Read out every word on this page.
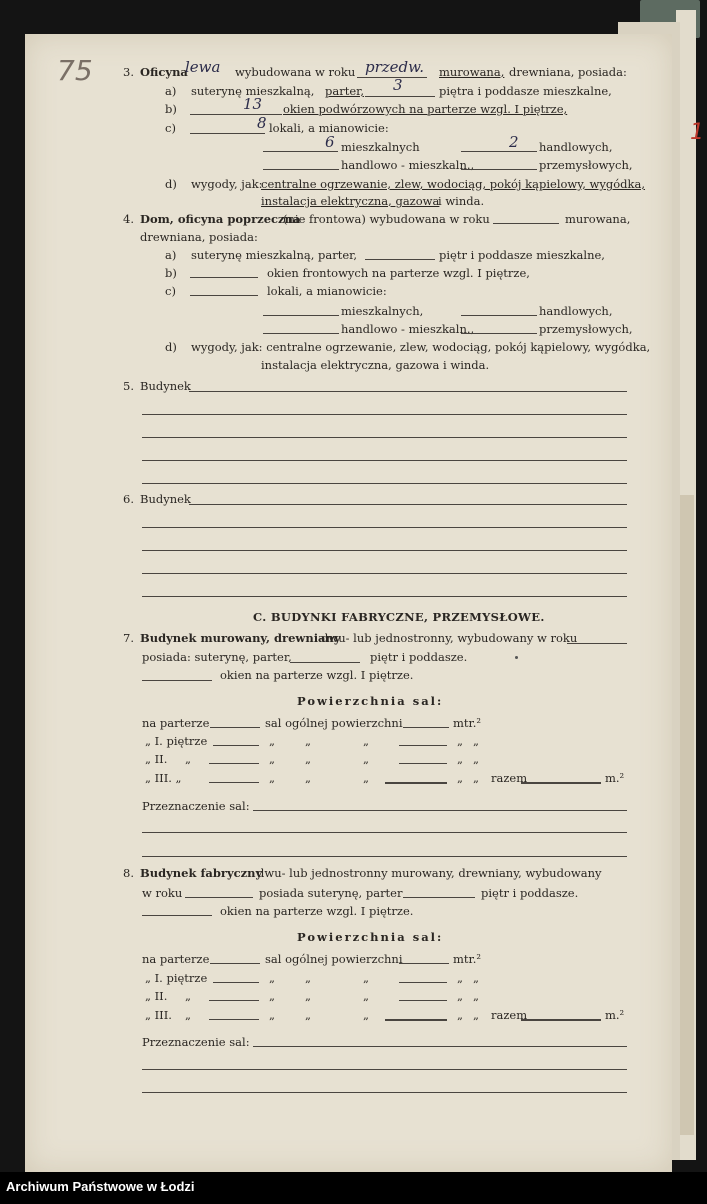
75	3. Oficyna
lewa wybudowana w roku przedw. murowana, drewniana, posiada:
a) suterynę mieszkalną, parter, 3	piętra i poddasze mieszkalne,
b)	13 okien podwórzowych na parterze wzgl. I piętrze,
c)	8 lokali, a mianowicie:
6 mieszkalnych	2 handlowych,
handlowo - mieszkaln.,	przemysłowych,
d) wygody, jak:
centralne ogrzewanie, zlew, wodociąg, pokój kąpielowy, wygódka,
instalacja elektryczna, gazowa
i winda.
4. Dom, oficyna poprzeczna
(nie frontowa) wybudowana w roku	murowana,
drewniana, posiada:
a) suterynę mieszkalną, parter,	piętr i poddasze mieszkalne,
b)	okien frontowych na parterze wzgl. I piętrze,
c)	lokali, a mianowicie:
mieszkalnych,	handlowych,
handlowo - mieszkaln.,	przemysłowych,
d) wygody, jak: centralne ogrzewanie, zlew, wodociąg, pokój kąpielowy, wygódka,
instalacja elektryczna, gazowa i winda.
5. Budynek
6. Budynek
C. BUDYNKI FABRYCZNE, PRZEMYSŁOWE.
7. Budynek murowany, drewniany
dwu- lub jednostronny, wybudowany w roku
posiada: suterynę, parter,	piętr i poddasze.
okien na parterze wzgl. I piętrze.
Powierzchnia sal:
na parterze	sal ogólnej powierzchni	mtr.²
„ I. piętrze	„	„	„	„ „
„ II. „	„	„	„	„ „
„ III. „	„	„	„	„ „ razem	m.²
Przeznaczenie sal:
8. Budynek fabryczny
dwu- lub jednostronny murowany, drewniany, wybudowany
w roku	posiada suterynę, parter	piętr i poddasze.
okien na parterze wzgl. I piętrze.
Powierzchnia sal:
na parterze	sal ogólnej powierzchni	mtr.²
„ I. piętrze	„	„	„	„ „
„ II. „	„	„	„	„ „
„ III. „	„	„	„	„ „ razem	m.²
Przeznaczenie sal:
1
Archiwum Państwowe w Łodzi
